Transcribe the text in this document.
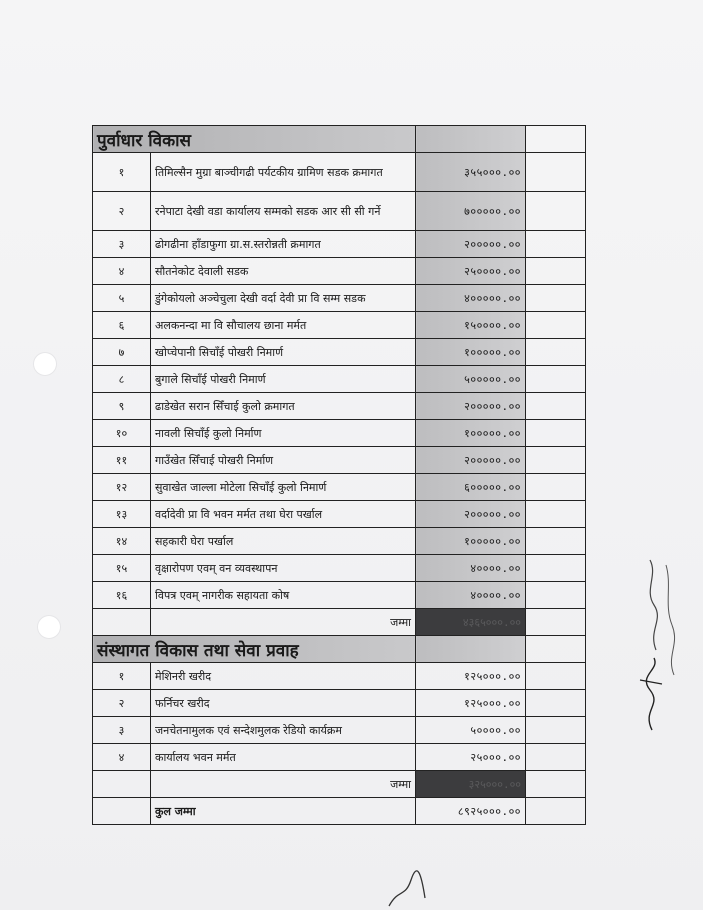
पुर्वाधार विकास			
१	तिमिल्सैन मुग्रा बाञ्चीगढी पर्यटकीय ग्रामिण सडक क्रमागत	३५५०००.००	
२	रनेपाटा देखी वडा कार्यालय सम्मको सडक आर सी सी गर्ने	७०००००.००	
३	ढोगढीना हाँडाफुगा ग्रा.स.स्तरोन्नती क्रमागत	२०००००.००	
४	सौतनेकोट देवाली सडक	२५००००.००	
५	डुंगेकोयलो अञ्चेचुला देखी वर्दा देवी प्रा वि सम्म सडक	४०००००.००	
६	अलकनन्दा मा वि सौचालय छाना मर्मत	१५००००.००	
७	खोप्चेपानी सिचाँई पोखरी निमार्ण	१०००००.००	
८	बुगाले सिचाँई पोखरी निमार्ण	५०००००.००	
९	ढाडेखेत सरान सिँचाई कुलो क्रमागत	२०००००.००	
१०	नावली सिचाँई कुलो निर्माण	१०००००.००	
११	गाउँखेत सिँचाई पोखरी निर्माण	२०००००.००	
१२	सुवाखेत जाल्ला मोटेला सिचाँई कुलो निमार्ण	६०००००.००	
१३	वर्दादेवी प्रा वि भवन मर्मत तथा घेरा पर्खाल	२०००००.००	
१४	सहकारी घेरा पर्खाल	१०००००.००	
१५	वृक्षारोपण एवम् वन व्यवस्थापन	४००००.००	
१६	विपत्र एवम् नागरीक सहायता कोष	४००००.००	
	जम्मा	४३६५०००.००	
संस्थागत विकास तथा सेवा प्रवाह			
१	मेशिनरी खरीद	१२५०००.००	
२	फर्निचर खरीद	१२५०००.००	
३	जनचेतनामुलक एवं सन्देशमुलक रेडियो कार्यक्रम	५००००.००	
४	कार्यालय भवन मर्मत	२५०००.००	
	जम्मा	३२५०००.००	
	कुल जम्मा	८९२५०००.००	
